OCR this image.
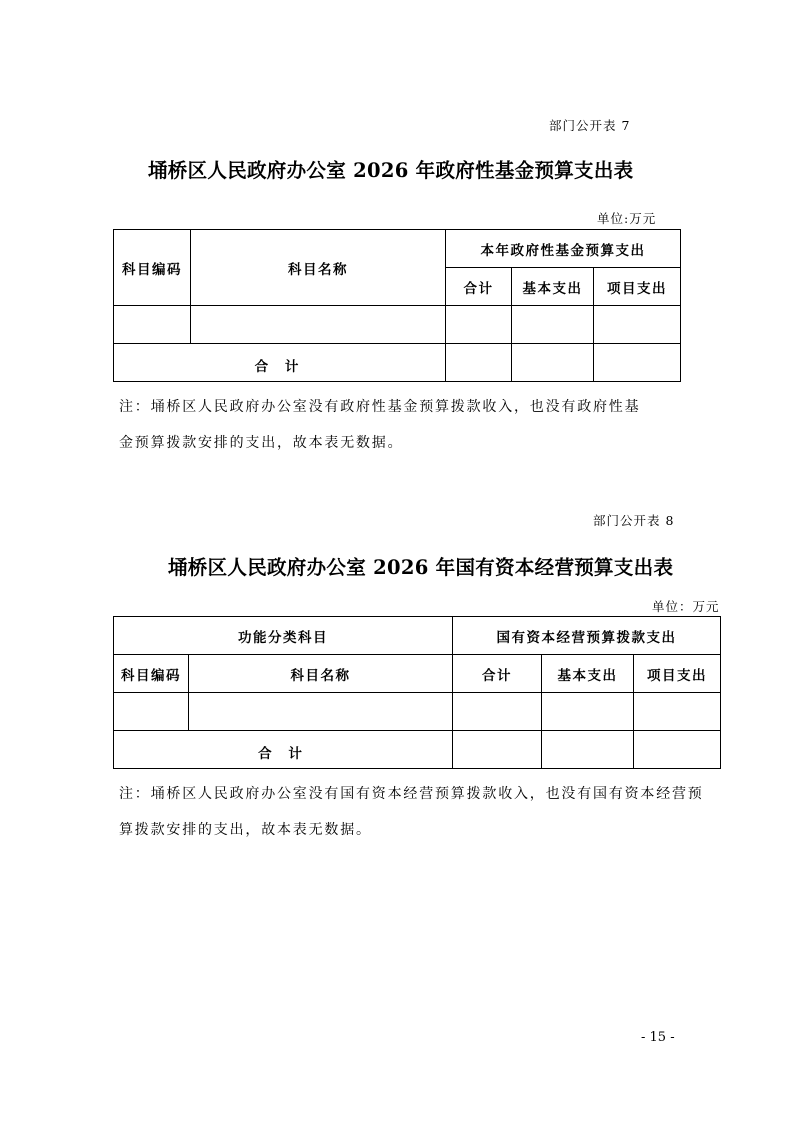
部门公开表 7
埇桥区人民政府办公室 2026 年政府性基金预算支出表
单位:万元
科目编码	科目名称	本年政府性基金预算支出		
		合计	基本支出	项目支出

合 计				
注：埇桥区人民政府办公室没有政府性基金预算拨款收入，也没有政府性基
金预算拨款安排的支出，故本表无数据。
部门公开表 8
埇桥区人民政府办公室 2026 年国有资本经营预算支出表
单位：万元
功能分类科目		国有资本经营预算拨款支出		
科目编码	科目名称	合计	基本支出	项目支出

合 计				
注：埇桥区人民政府办公室没有国有资本经营预算拨款收入，也没有国有资本经营预
算拨款安排的支出，故本表无数据。
- 15 -
